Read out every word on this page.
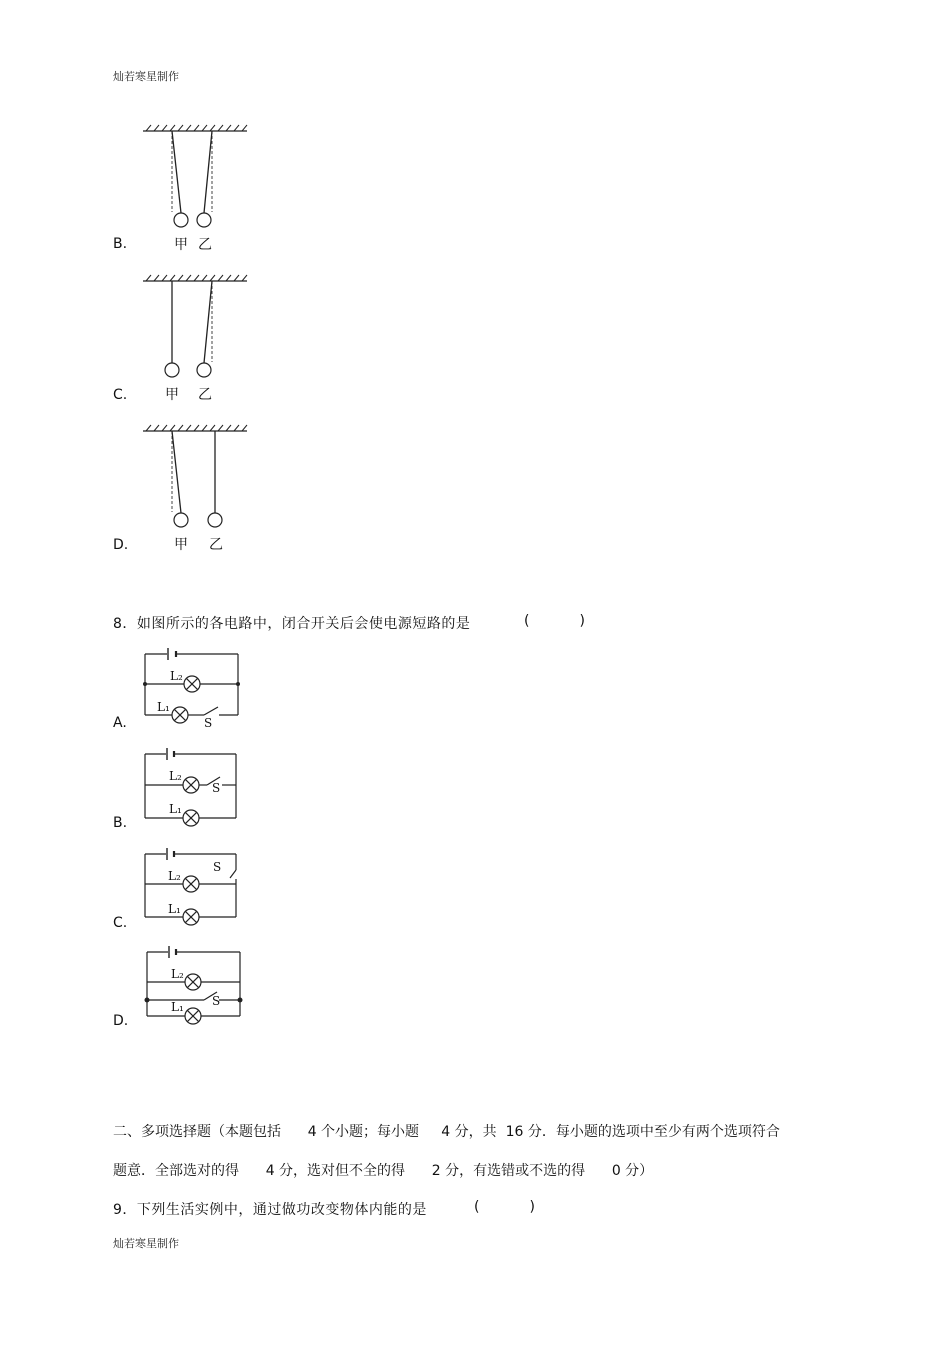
灿若寒星制作
B.	甲 乙
C.	甲 乙
D.	甲 乙
8．如图所示的各电路中，闭合开关后会使电源短路的是	(          )
A.
L₂
L₁
S
B.
L₂
L₁
S
C.
L₂
L₁
S
D.
L₂
L₁ S
二、多项选择题（本题包括      4 个小题；每小题     4 分，共  16 分．每小题的选项中至少有两个选项符合
题意．全部选对的得      4 分，选对但不全的得      2 分，有选错或不选的得      0 分）
9．下列生活实例中，通过做功改变物体内能的是	(          )
灿若寒星制作
